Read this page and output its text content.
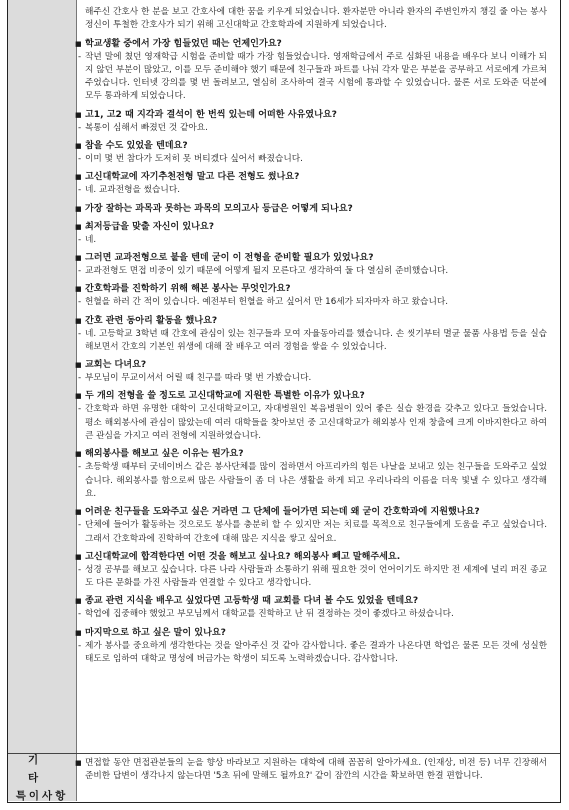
기 타
특이사항

해주신 간호사 한 분을 보고 간호사에 대한 꿈을 키우게 되었습니다. 환자분만 아니라 환자의 주변인까지 챙길 줄 아는 봉사정신이 투철한 간호사가 되기 위해 고신대학교 간호학과에 지원하게 되었습니다.

■ 학교생활 중에서 가장 힘들었던 때는 언제인가요?
- 작년 말에 쳤던 영재학급 시험을 준비할 때가 가장 힘들었습니다. 영재학급에서 주로 심화된 내용을 배우다 보니 이해가 되지 않던 부분이 많았고, 이를 모두 준비해야 했기 때문에 친구들과 파트를 나눠 각자 맡은 부분을 공부하고 서로에게 가르쳐주었습니다. 인터넷 강의를 몇 번 돌려보고, 열심히 조사하여 결국 시험에 통과할 수 있었습니다. 물론 서로 도와준 덕분에 모두 통과하게 되었습니다.
■ 고1, 고2 때 지각과 결석이 한 번씩 있는데 어떠한 사유였나요?
- 복통이 심해서 빠졌던 것 같아요.
■ 참을 수도 있었을 텐데요?
- 이미 몇 번 참다가 도저히 못 버티겠다 싶어서 빠졌습니다.
■ 고신대학교에 자기추천전형 말고 다른 전형도 썼나요?
- 네. 교과전형을 썼습니다.
■ 가장 잘하는 과목과 못하는 과목의 모의고사 등급은 어떻게 되나요?
■ 최저등급을 맞출 자신이 있나요?
- 네.
■ 그러면 교과전형으로 붙을 텐데 굳이 이 전형을 준비할 필요가 있었나요?
- 교과전형도 면접 비중이 있기 때문에 어떻게 될지 모른다고 생각하여 둘 다 열심히 준비했습니다.
■ 간호학과를 진학하기 위해 해본 봉사는 무엇인가요?
- 헌혈을 하러 간 적이 있습니다. 예전부터 헌혈을 하고 싶어서 만 16세가 되자마자 하고 왔습니다.
■ 간호 관련 동아리 활동을 했나요?
- 네. 고등학교 3학년 때 간호에 관심이 있는 친구들과 모여 자율동아리를 했습니다. 손 씻기부터 멸균 물품 사용법 등을 실습해보면서 간호의 기본인 위생에 대해 잘 배우고 여러 경험을 쌓을 수 있었습니다.
■ 교회는 다녀요?
- 부모님이 무교이셔서 어릴 때 친구를 따라 몇 번 가봤습니다.
■ 두 개의 전형을 쓸 정도로 고신대학교에 지원한 특별한 이유가 있나요?
- 간호학과 하면 유명한 대학이 고신대학교이고, 자대병원인 복음병원이 있어 좋은 실습 환경을 갖추고 있다고 들었습니다. 평소 해외봉사에 관심이 많았는데 여러 대학들을 찾아보던 중 고신대학교가 해외봉사 인재 창출에 크게 이바지한다고 하여 큰 관심을 가지고 여러 전형에 지원하였습니다.
■ 해외봉사를 해보고 싶은 이유는 뭔가요?
- 초등학생 때부터 굿네이버스 같은 봉사단체를 많이 접하면서 아프리카의 힘든 나날을 보내고 있는 친구들을 도와주고 싶었습니다. 해외봉사를 함으로써 많은 사람들이 좀 더 나은 생활을 하게 되고 우리나라의 이름을 더욱 빛낼 수 있다고 생각해요.
■ 어려운 친구들을 도와주고 싶은 거라면 그 단체에 들어가면 되는데 왜 굳이 간호학과에 지원했나요?
- 단체에 들어가 활동하는 것으로도 봉사를 충분히 할 수 있지만 저는 치료를 목적으로 친구들에게 도움을 주고 싶었습니다. 그래서 간호학과에 진학하여 간호에 대해 많은 지식을 쌓고 싶어요.
■ 고신대학교에 합격한다면 어떤 것을 해보고 싶나요? 해외봉사 빼고 말해주세요.
- 성경 공부를 해보고 싶습니다. 다른 나라 사람들과 소통하기 위해 필요한 것이 언어이기도 하지만 전 세계에 널리 퍼진 종교도 다른 문화를 가진 사람들과 연결할 수 있다고 생각합니다.
■ 종교 관련 지식을 배우고 싶었다면 고등학생 때 교회를 다녀 볼 수도 있었을 텐데요?
- 학업에 집중해야 했었고 부모님께서 대학교를 진학하고 난 뒤 결정하는 것이 좋겠다고 하셨습니다.
■ 마지막으로 하고 싶은 말이 있나요?
- 제가 봉사를 중요하게 생각한다는 것을 알아주신 것 같아 감사합니다. 좋은 결과가 나온다면 학업은 물론 모든 것에 성실한 태도로 임하여 대학교 명성에 버금가는 학생이 되도록 노력하겠습니다. 감사합니다.
■ 면접할 동안 면접관분들의 눈을 향상 바라보고 지원하는 대학에 대해 꼼꼼히 알아가세요. (인재상, 비전 등) 너무 긴장해서 준비한 답변이 생각나지 않는다면 '5초 뒤에 말해도 될까요?' 같이 잠깐의 시간을 확보하면 한결 편합니다.
